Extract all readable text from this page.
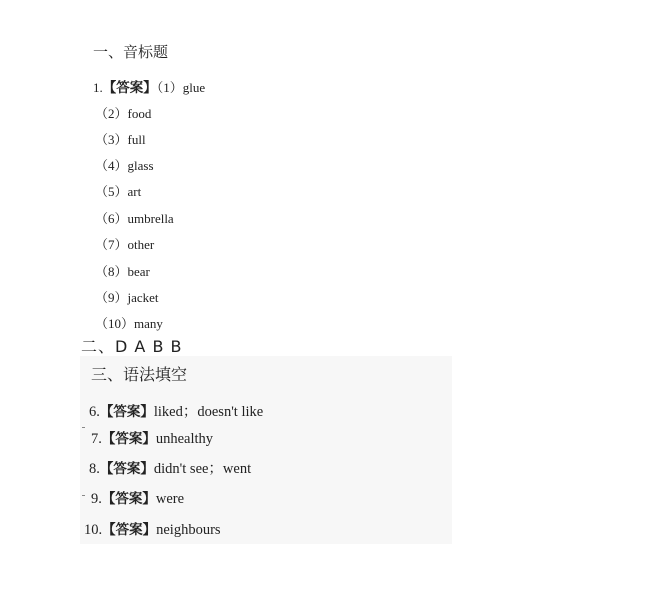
一、音标题
1.【答案】（1）glue
（2）food
（3）full
（4）glass
（5）art
（6）umbrella
（7）other
（8）bear
（9）jacket
（10）many
二、D A B B
三、语法填空
6.【答案】liked；doesn't like
7.【答案】unhealthy
8.【答案】didn't see；went
9.【答案】were
10.【答案】neighbours
